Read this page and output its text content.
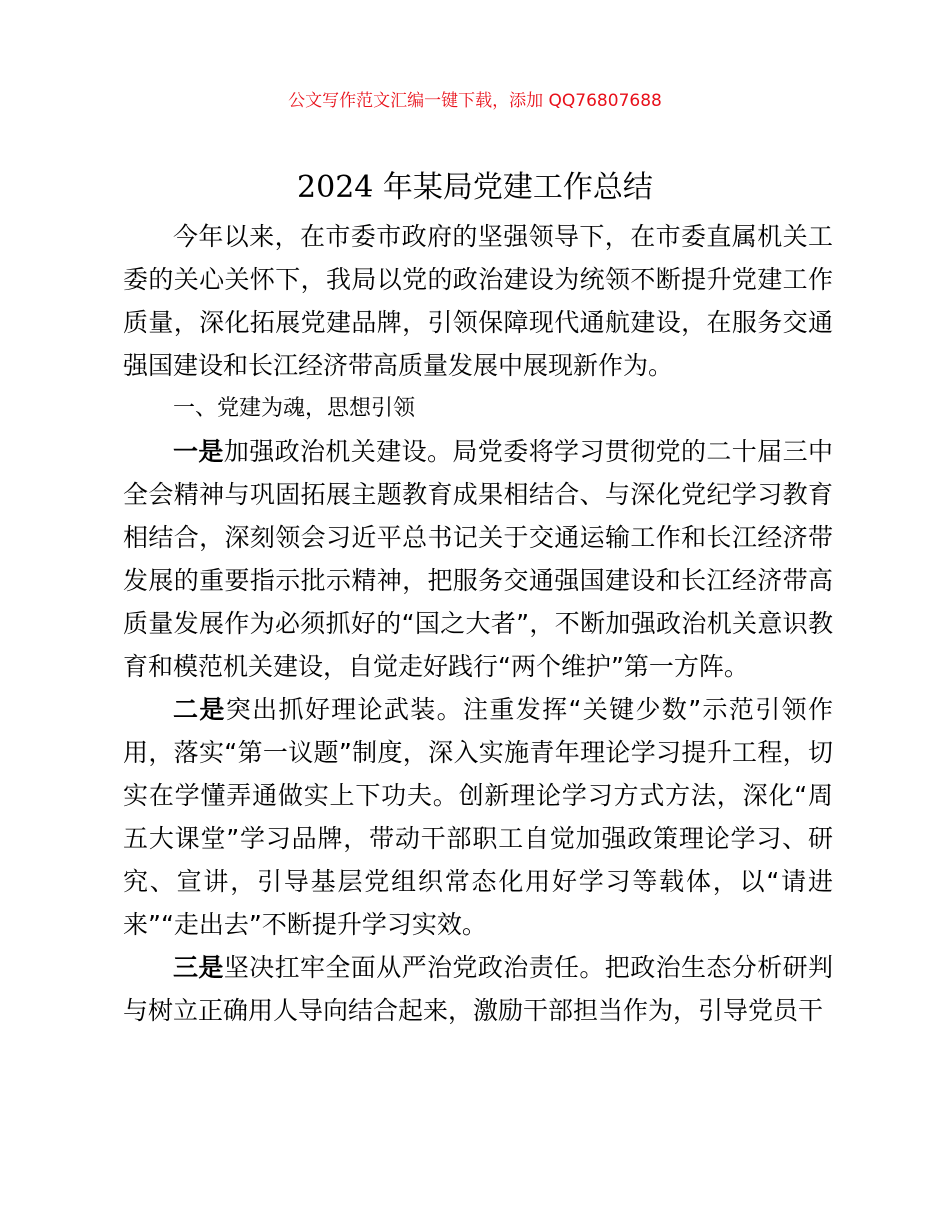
公文写作范文汇编一键下载，添加 QQ76807688
2024 年某局党建工作总结

今年以来，在市委市政府的坚强领导下，在市委直属机关工委的关心关怀下，我局以党的政治建设为统领不断提升党建工作质量，深化拓展党建品牌，引领保障现代通航建设，在服务交通强国建设和长江经济带高质量发展中展现新作为。

一、党建为魂，思想引领

一是加强政治机关建设。局党委将学习贯彻党的二十届三中全会精神与巩固拓展主题教育成果相结合、与深化党纪学习教育相结合，深刻领会习近平总书记关于交通运输工作和长江经济带发展的重要指示批示精神，把服务交通强国建设和长江经济带高质量发展作为必须抓好的“国之大者”，不断加强政治机关意识教育和模范机关建设，自觉走好践行“两个维护”第一方阵。

二是突出抓好理论武装。注重发挥“关键少数”示范引领作用，落实“第一议题”制度，深入实施青年理论学习提升工程，切实在学懂弄通做实上下功夫。创新理论学习方式方法，深化“周五大课堂”学习品牌，带动干部职工自觉加强政策理论学习、研究、宣讲，引导基层党组织常态化用好学习等载体，以“请进来”“走出去”不断提升学习实效。

三是坚决扛牢全面从严治党政治责任。把政治生态分析研判与树立正确用人导向结合起来，激励干部担当作为，引导党员干
